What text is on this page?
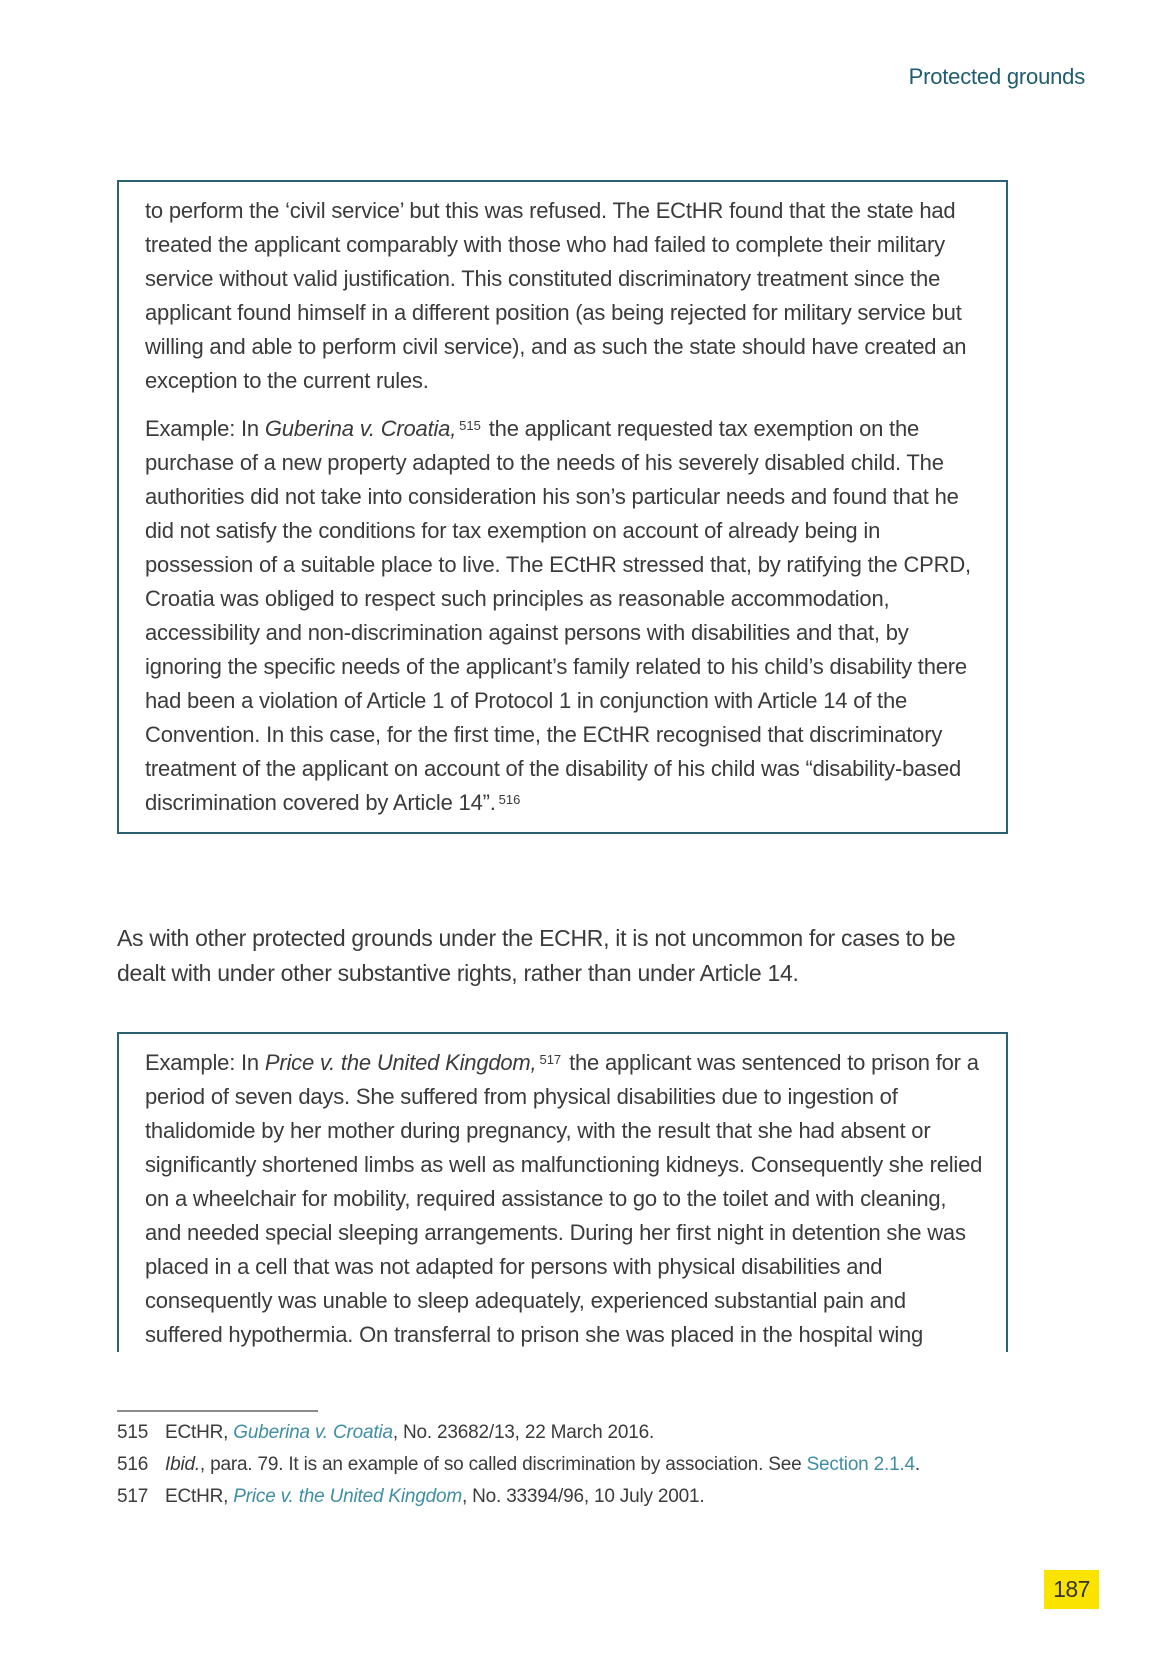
Protected grounds

to perform the ‘civil service’ but this was refused. The ECtHR found that the state had treated the applicant comparably with those who had failed to complete their military service without valid justification. This constituted discriminatory treatment since the applicant found himself in a different position (as being rejected for military service but willing and able to perform civil service), and as such the state should have created an exception to the current rules.

Example: In Guberina v. Croatia, $^{515}$ the applicant requested tax exemption on the purchase of a new property adapted to the needs of his severely disabled child. The authorities did not take into consideration his son’s particular needs and found that he did not satisfy the conditions for tax exemption on account of already being in possession of a suitable place to live. The ECtHR stressed that, by ratifying the CPRD, Croatia was obliged to respect such principles as reasonable accommodation, accessibility and non-discrimination against persons with disabilities and that, by ignoring the specific needs of the applicant’s family related to his child’s disability there had been a violation of Article 1 of Protocol 1 in conjunction with Article 14 of the Convention. In this case, for the first time, the ECtHR recognised that discriminatory treatment of the applicant on account of the disability of his child was “disability-based discrimination covered by Article 14”. $^{516}$

As with other protected grounds under the ECHR, it is not uncommon for cases to be dealt with under other substantive rights, rather than under Article 14.

Example: In Price v. the United Kingdom, $^{517}$ the applicant was sentenced to prison for a period of seven days. She suffered from physical disabilities due to ingestion of thalidomide by her mother during pregnancy, with the result that she had absent or significantly shortened limbs as well as malfunctioning kidneys. Consequently she relied on a wheelchair for mobility, required assistance to go to the toilet and with cleaning, and needed special sleeping arrangements. During her first night in detention she was placed in a cell that was not adapted for persons with physical disabilities and consequently was unable to sleep adequately, experienced substantial pain and suffered hypothermia. On transferral to prison she was placed in the hospital wing

515 ECtHR, Guberina v. Croatia, No. 23682/13, 22 March 2016.
516 Ibid., para. 79. It is an example of so called discrimination by association. See Section 2.1.4.
517 ECtHR, Price v. the United Kingdom, No. 33394/96, 10 July 2001.
187
